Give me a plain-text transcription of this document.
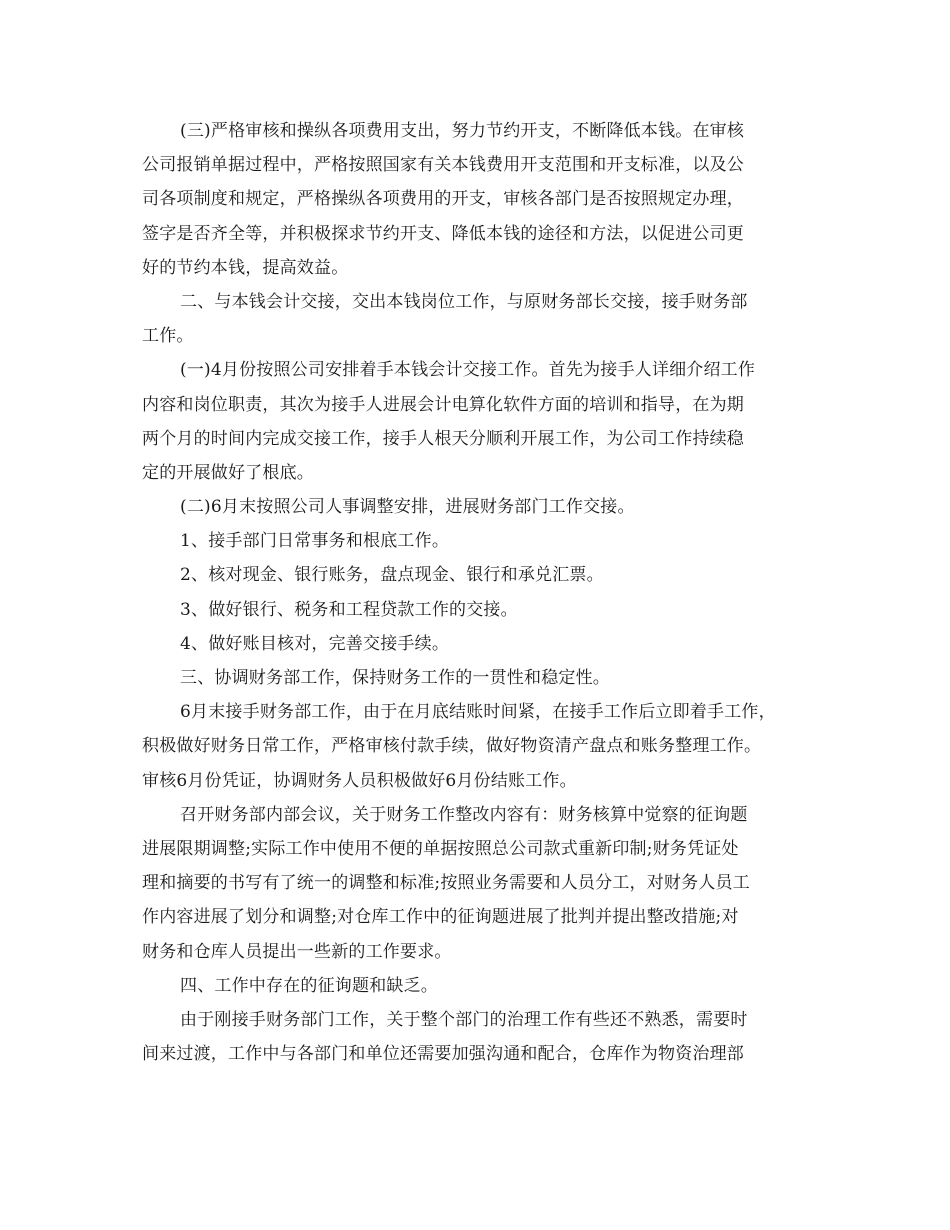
(三)严格审核和操纵各项费用支出，努力节约开支，不断降低本钱。在审核
公司报销单据过程中，严格按照国家有关本钱费用开支范围和开支标准，以及公
司各项制度和规定，严格操纵各项费用的开支，审核各部门是否按照规定办理，
签字是否齐全等，并积极探求节约开支、降低本钱的途径和方法，以促进公司更
好的节约本钱，提高效益。
二、与本钱会计交接，交出本钱岗位工作，与原财务部长交接，接手财务部
工作。
(一)4月份按照公司安排着手本钱会计交接工作。首先为接手人详细介绍工作
内容和岗位职责，其次为接手人进展会计电算化软件方面的培训和指导，在为期
两个月的时间内完成交接工作，接手人根天分顺利开展工作，为公司工作持续稳
定的开展做好了根底。
(二)6月末按照公司人事调整安排，进展财务部门工作交接。
1、接手部门日常事务和根底工作。
2、核对现金、银行账务，盘点现金、银行和承兑汇票。
3、做好银行、税务和工程贷款工作的交接。
4、做好账目核对，完善交接手续。
三、协调财务部工作，保持财务工作的一贯性和稳定性。
6月末接手财务部工作，由于在月底结账时间紧，在接手工作后立即着手工作，
积极做好财务日常工作，严格审核付款手续，做好物资清产盘点和账务整理工作。
审核6月份凭证，协调财务人员积极做好6月份结账工作。
召开财务部内部会议，关于财务工作整改内容有：财务核算中觉察的征询题
进展限期调整;实际工作中使用不便的单据按照总公司款式重新印制;财务凭证处
理和摘要的书写有了统一的调整和标准;按照业务需要和人员分工，对财务人员工
作内容进展了划分和调整;对仓库工作中的征询题进展了批判并提出整改措施;对
财务和仓库人员提出一些新的工作要求。
四、工作中存在的征询题和缺乏。
由于刚接手财务部门工作，关于整个部门的治理工作有些还不熟悉，需要时
间来过渡，工作中与各部门和单位还需要加强沟通和配合，仓库作为物资治理部
